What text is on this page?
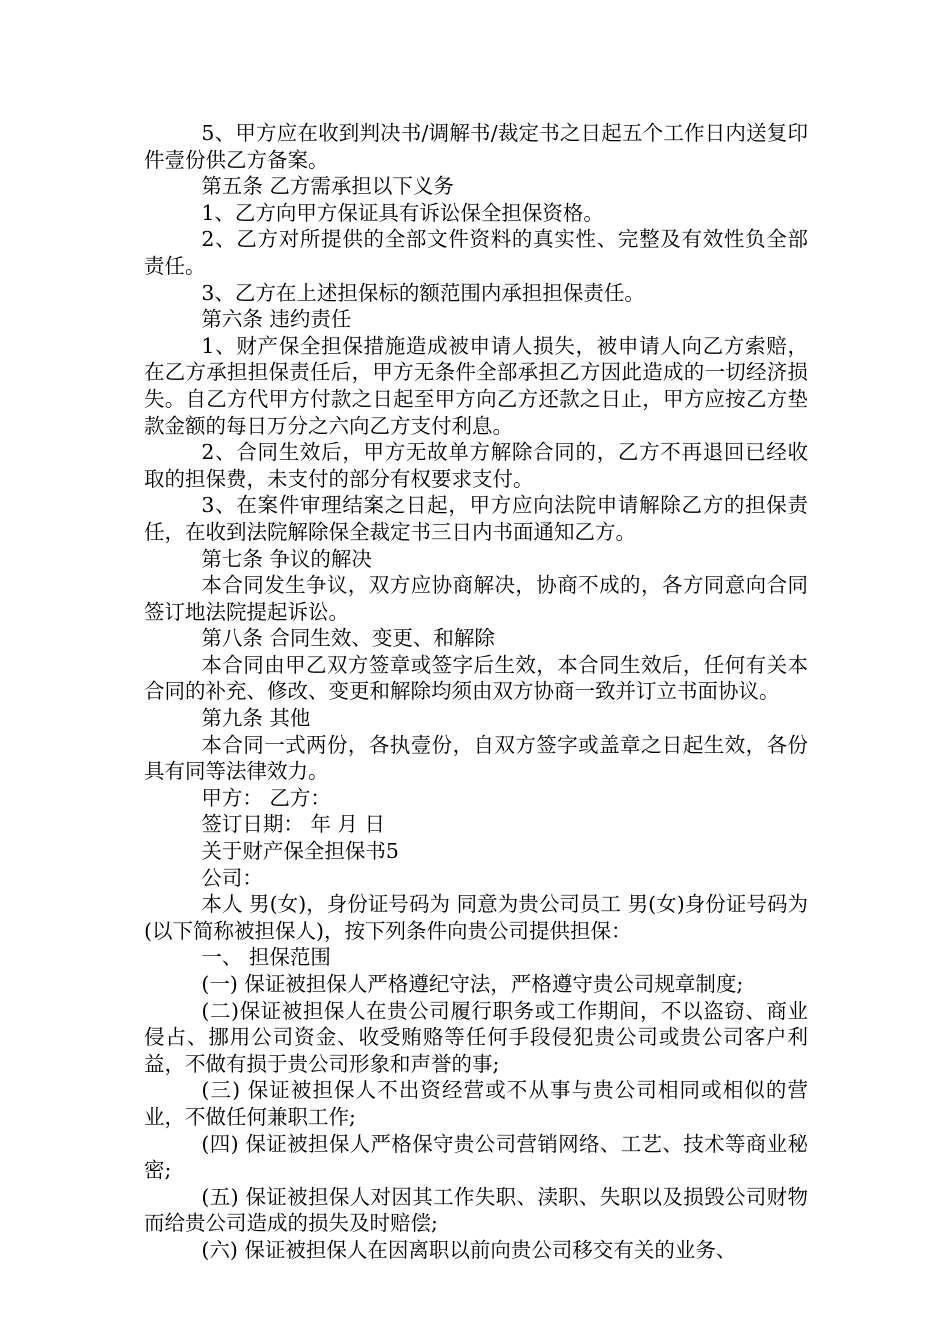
5、甲方应在收到判决书/调解书/裁定书之日起五个工作日内送复印件壹份供乙方备案。

第五条 乙方需承担以下义务

1、乙方向甲方保证具有诉讼保全担保资格。

2、乙方对所提供的全部文件资料的真实性、完整及有效性负全部责任。

3、乙方在上述担保标的额范围内承担担保责任。

第六条 违约责任

1、财产保全担保措施造成被申请人损失，被申请人向乙方索赔，在乙方承担担保责任后，甲方无条件全部承担乙方因此造成的一切经济损失。自乙方代甲方付款之日起至甲方向乙方还款之日止，甲方应按乙方垫款金额的每日万分之六向乙方支付利息。

2、合同生效后，甲方无故单方解除合同的，乙方不再退回已经收取的担保费，未支付的部分有权要求支付。

3、在案件审理结案之日起，甲方应向法院申请解除乙方的担保责任，在收到法院解除保全裁定书三日内书面通知乙方。

第七条 争议的解决

本合同发生争议，双方应协商解决，协商不成的，各方同意向合同签订地法院提起诉讼。

第八条 合同生效、变更、和解除

本合同由甲乙双方签章或签字后生效，本合同生效后，任何有关本合同的补充、修改、变更和解除均须由双方协商一致并订立书面协议。

第九条 其他

本合同一式两份，各执壹份，自双方签字或盖章之日起生效，各份具有同等法律效力。

甲方： 乙方：

签订日期： 年 月 日

关于财产保全担保书5

公司：

本人 男(女)，身份证号码为 同意为贵公司员工 男(女)身份证号码为 (以下简称被担保人)，按下列条件向贵公司提供担保：

一、 担保范围

(一) 保证被担保人严格遵纪守法，严格遵守贵公司规章制度;

(二)保证被担保人在贵公司履行职务或工作期间，不以盗窃、商业侵占、挪用公司资金、收受贿赂等任何手段侵犯贵公司或贵公司客户利益，不做有损于贵公司形象和声誉的事;

(三) 保证被担保人不出资经营或不从事与贵公司相同或相似的营业，不做任何兼职工作;

(四) 保证被担保人严格保守贵公司营销网络、工艺、技术等商业秘密;

(五) 保证被担保人对因其工作失职、渎职、失职以及损毁公司财物而给贵公司造成的损失及时赔偿;

(六) 保证被担保人在因离职以前向贵公司移交有关的业务、
